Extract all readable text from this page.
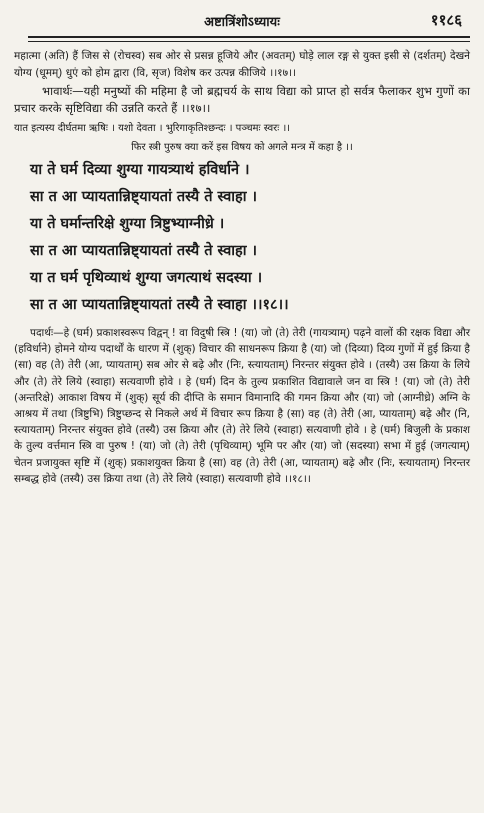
अष्टात्रिंशोऽध्यायः	११८६

महात्मा (अति) हैं जिस से (रोचस्व) सब ओर से प्रसन्न हूजिये और (अवतम्) घोड़े लाल रङ्ग से युक्त इसी से (दर्शतम्) देखने योग्य (धूमम्) धुएं को होम द्वारा (वि, सृज) विशेष कर उत्पन्न कीजिये ।।१७।।

भावार्थः—यही मनुष्यों की महिमा है जो ब्रह्मचर्य के साथ विद्या को प्राप्त हो सर्वत्र फैलाकर शुभ गुणों का प्रचार करके सृष्टिविद्या की उन्नति करते हैं ।।१७।।

यात इत्यस्य दीर्घतमा ऋषिः । यशो देवता । भुरिगाकृतिश्छन्दः । पञ्चमः स्वरः ।।

फिर स्त्री पुरुष क्या करें इस विषय को अगले मन्त्र में कहा है ।।

या ते घर्म दिव्या शुग्या गायत्र्याथं हविर्धाने ।

सा त आ प्यायतान्निष्ट्यायतां तस्यै ते स्वाहा ।

या ते घर्मान्तरिक्षे शुग्या त्रिष्टुभ्याग्नीध्रे ।

सा त आ प्यायतान्निष्ट्यायतां तस्यै ते स्वाहा ।

या त घर्म पृथिव्याथं शुग्या जगत्याथं सदस्या ।

सा त आ प्यायतान्निष्ट्यायतां तस्यै ते स्वाहा ।।१८।।

पदार्थः—हे (घर्म) प्रकाशस्वरूप विद्वन् ! वा विदुषी स्त्रि ! (या) जो (ते) तेरी (गायत्र्याम्) पढ़ने वालों की रक्षक विद्या और (हविर्धाने) होमने योग्य पदार्थों के धारण में (शुक्) विचार की साधनरूप क्रिया है (या) जो (दिव्या) दिव्य गुणों में हुई क्रिया है (सा) वह (ते) तेरी (आ, प्यायताम्) सब ओर से बढ़े और (निः, स्त्यायताम्) निरन्तर संयुक्त होवे । (तस्यै) उस क्रिया के लिये और (ते) तेरे लिये (स्वाहा) सत्यवाणी होवे । हे (घर्म) दिन के तुल्य प्रकाशित विद्यावाले जन वा स्त्रि ! (या) जो (ते) तेरी (अन्तरिक्षे) आकाश विषय में (शुक्) सूर्य की दीप्ति के समान विमानादि की गमन क्रिया और (या) जो (आग्नीध्रे) अग्नि के आश्रय में तथा (त्रिष्टुभि) त्रिष्टुप्छन्द से निकले अर्थ में विचार रूप क्रिया है (सा) वह (ते) तेरी (आ, प्यायताम्) बढ़े और (नि, स्त्यायताम्) निरन्तर संयुक्त होवे (तस्यै) उस क्रिया और (ते) तेरे लिये (स्वाहा) सत्यवाणी होवे । हे (घर्म) बिजुली के प्रकाश के तुल्य वर्त्तमान स्त्रि वा पुरुष ! (या) जो (ते) तेरी (पृथिव्याम्) भूमि पर और (या) जो (सदस्या) सभा में हुई (जगत्याम्) चेतन प्रजायुक्त सृष्टि में (शुक्) प्रकाशयुक्त क्रिया है (सा) वह (ते) तेरी (आ, प्यायताम्) बढ़े और (निः, स्त्यायताम्) निरन्तर सम्बद्ध होवे (तस्यै) उस क्रिया तथा (ते) तेरे लिये (स्वाहा) सत्यवाणी होवे ।।१८।।
